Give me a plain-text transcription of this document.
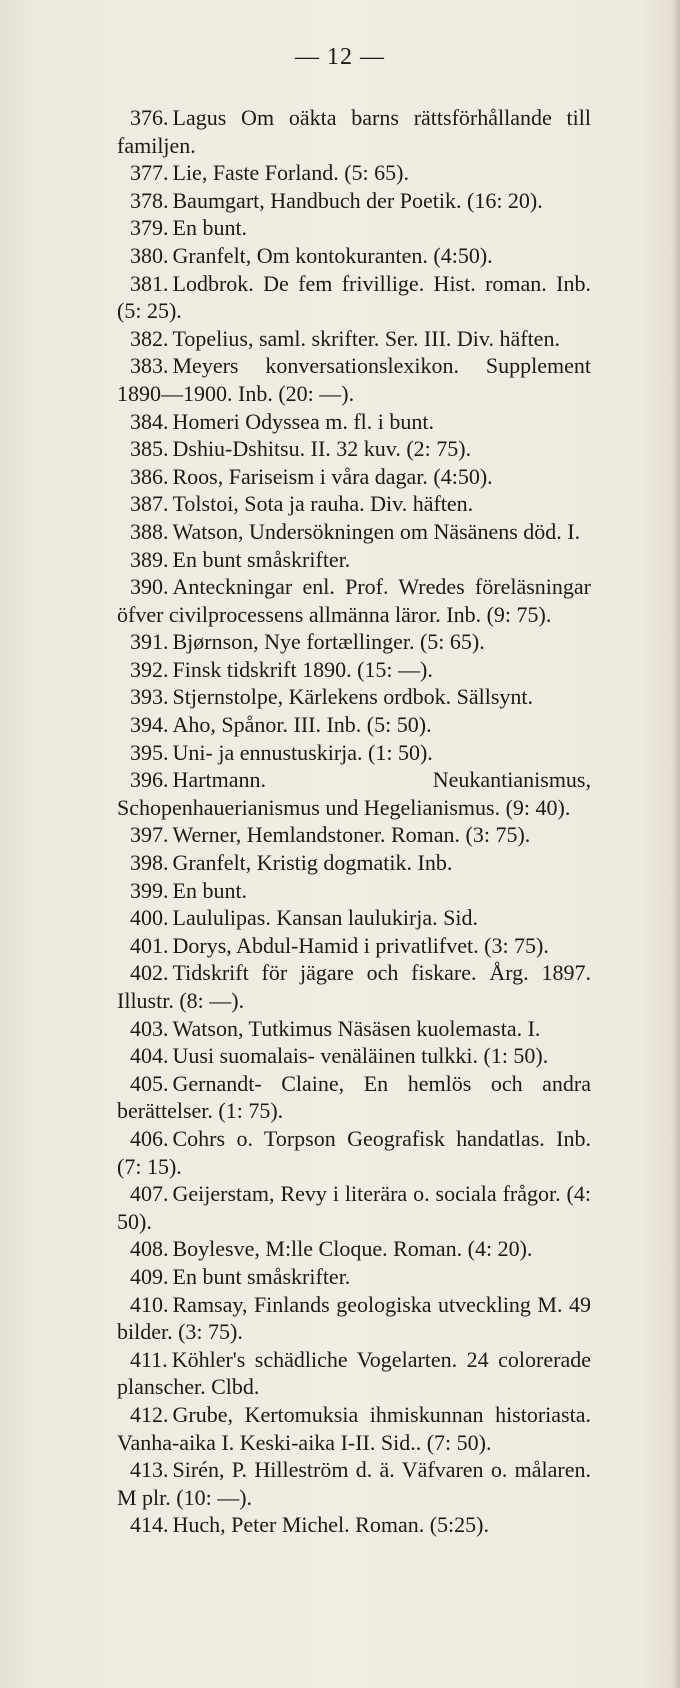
— 12 —

376. Lagus Om oäkta barns rättsförhållande till familjen.

377. Lie, Faste Forland. (5: 65).

378. Baumgart, Handbuch der Poetik. (16: 20).

379. En bunt.

380. Granfelt, Om kontokuranten. (4:50).

381. Lodbrok. De fem frivillige. Hist. roman. Inb. (5: 25).

382. Topelius, saml. skrifter. Ser. III. Div. häften.

383. Meyers konversationslexikon. Supplement 1890—1900. Inb. (20: —).

384. Homeri Odyssea m. fl. i bunt.

385. Dshiu-Dshitsu. II. 32 kuv. (2: 75).

386. Roos, Fariseism i våra dagar. (4:50).

387. Tolstoi, Sota ja rauha. Div. häften.

388. Watson, Undersökningen om Näsänens död. I.

389. En bunt småskrifter.

390. Anteckningar enl. Prof. Wredes föreläsningar öfver civilprocessens allmänna läror. Inb. (9: 75).

391. Bjørnson, Nye fortællinger. (5: 65).

392. Finsk tidskrift 1890. (15: —).

393. Stjernstolpe, Kärlekens ordbok. Sällsynt.

394. Aho, Spånor. III. Inb. (5: 50).

395. Uni- ja ennustuskirja. (1: 50).

396. Hartmann. Neukantianismus, Schopenhauerianismus und Hegelianismus. (9: 40).

397. Werner, Hemlandstoner. Roman. (3: 75).

398. Granfelt, Kristig dogmatik. Inb.

399. En bunt.

400. Laululipas. Kansan laulukirja. Sid.

401. Dorys, Abdul-Hamid i privatlifvet. (3: 75).

402. Tidskrift för jägare och fiskare. Årg. 1897. Illustr. (8: —).

403. Watson, Tutkimus Näsäsen kuolemasta. I.

404. Uusi suomalais- venäläinen tulkki. (1: 50).

405. Gernandt- Claine, En hemlös och andra berättelser. (1: 75).

406. Cohrs o. Torpson Geografisk handatlas. Inb. (7: 15).

407. Geijerstam, Revy i literära o. sociala frågor. (4: 50).

408. Boylesve, M:lle Cloque. Roman. (4: 20).

409. En bunt småskrifter.

410. Ramsay, Finlands geologiska utveckling M. 49 bilder. (3: 75).

411. Köhler's schädliche Vogelarten. 24 colorerade planscher. Clbd.

412. Grube, Kertomuksia ihmiskunnan historiasta. Vanha-aika I. Keski-aika I-II. Sid.. (7: 50).

413. Sirén, P. Hilleström d. ä. Väfvaren o. målaren. M plr. (10: —).

414. Huch, Peter Michel. Roman. (5:25).
